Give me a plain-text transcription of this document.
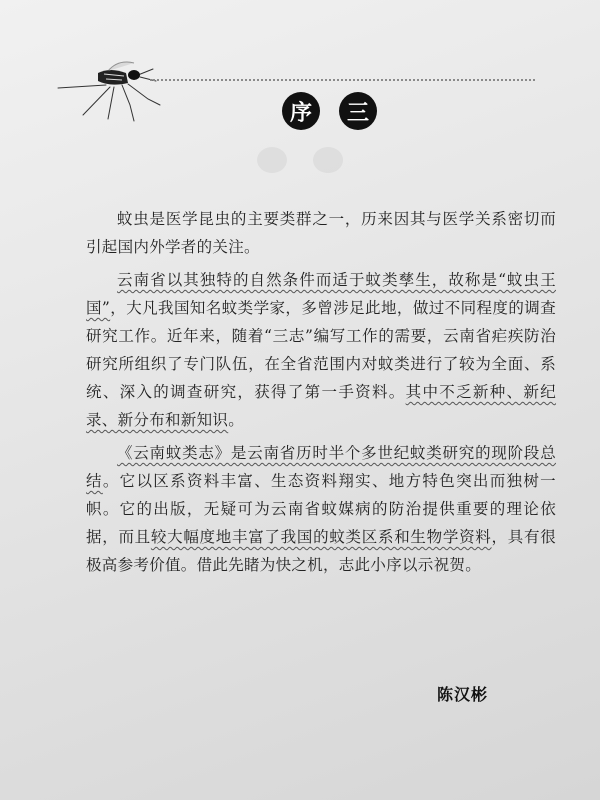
序	三

蚊虫是医学昆虫的主要类群之一，历来因其与医学关系密切而引起国内外学者的关注。

云南省以其独特的自然条件而适于蚊类孳生，故称是“蚊虫王国”，大凡我国知名蚊类学家，多曾涉足此地，做过不同程度的调查研究工作。近年来，随着“三志”编写工作的需要，云南省疟疾防治研究所组织了专门队伍，在全省范围内对蚊类进行了较为全面、系统、深入的调查研究，获得了第一手资料。其中不乏新种、新纪录、新分布和新知识。

《云南蚊类志》是云南省历时半个多世纪蚊类研究的现阶段总结。它以区系资料丰富、生态资料翔实、地方特色突出而独树一帜。它的出版，无疑可为云南省蚊媒病的防治提供重要的理论依据，而且较大幅度地丰富了我国的蚊类区系和生物学资料，具有很极高参考价值。借此先睹为快之机，志此小序以示祝贺。

陈汉彬
